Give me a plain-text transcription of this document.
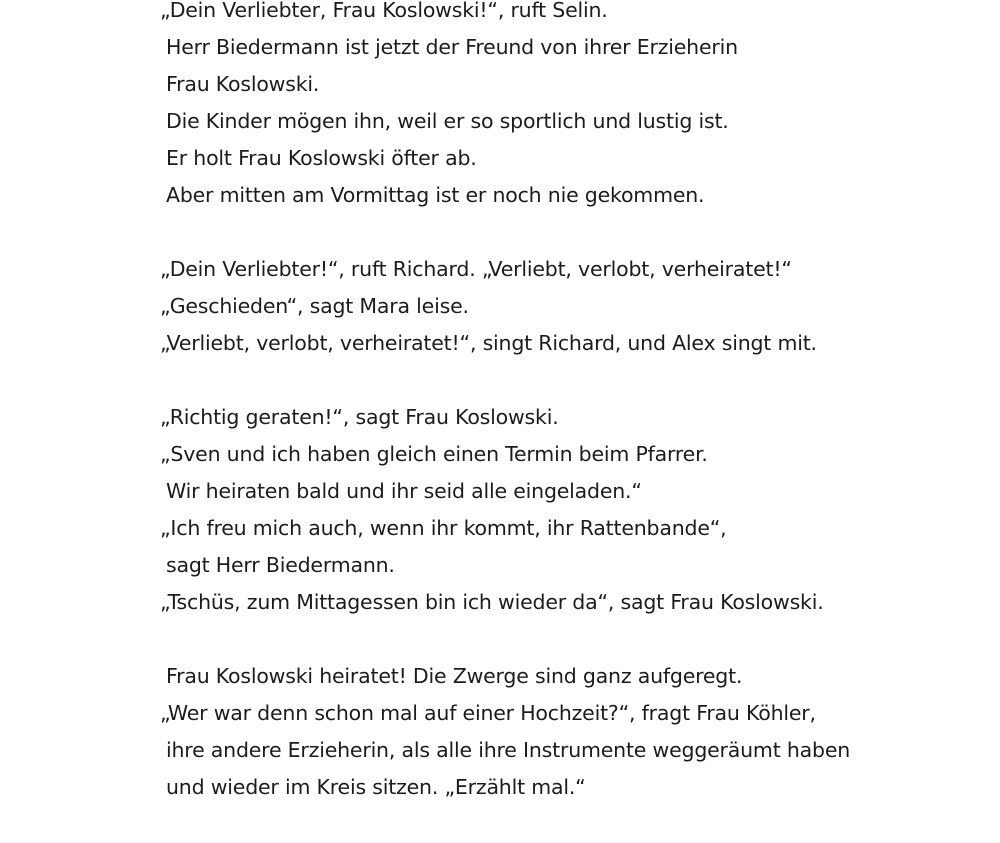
„Dein Verliebter, Frau Koslowski!“, ruft Selin.
Herr Biedermann ist jetzt der Freund von ihrer Erzieherin
Frau Koslowski.
Die Kinder mögen ihn, weil er so sportlich und lustig ist.
Er holt Frau Koslowski öfter ab.
Aber mitten am Vormittag ist er noch nie gekommen.
„Dein Verliebter!“, ruft Richard. „Verliebt, verlobt, verheiratet!“
„Geschieden“, sagt Mara leise.
„Verliebt, verlobt, verheiratet!“, singt Richard, und Alex singt mit.
„Richtig geraten!“, sagt Frau Koslowski.
„Sven und ich haben gleich einen Termin beim Pfarrer.
Wir heiraten bald und ihr seid alle eingeladen.“
„Ich freu mich auch, wenn ihr kommt, ihr Rattenbande“,
sagt Herr Biedermann.
„Tschüs, zum Mittagessen bin ich wieder da“, sagt Frau Koslowski.
Frau Koslowski heiratet! Die Zwerge sind ganz aufgeregt.
„Wer war denn schon mal auf einer Hochzeit?“, fragt Frau Köhler,
ihre andere Erzieherin, als alle ihre Instrumente weggeräumt haben
und wieder im Kreis sitzen. „Erzählt mal.“
